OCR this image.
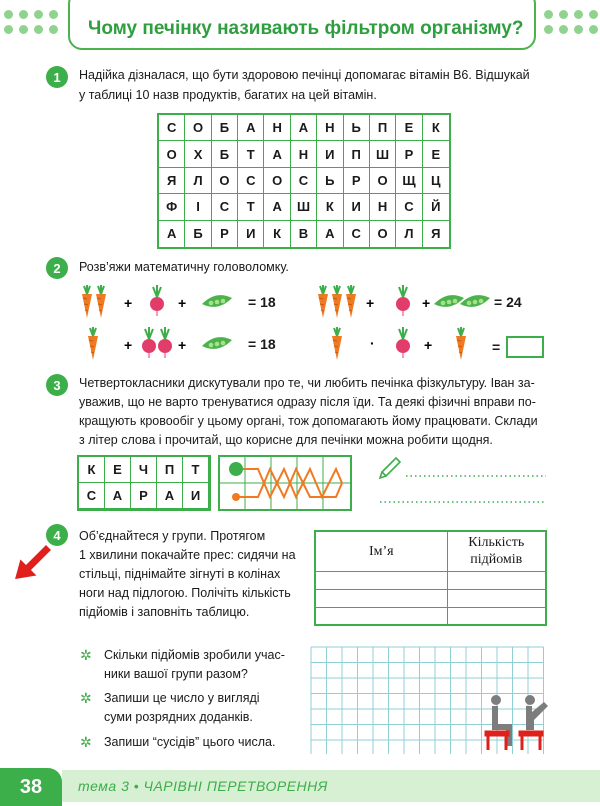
Чому печінку називають фільтром організму?
1	Надійка дізналася, що бути здоровою печінці допомагає вітамін В6. Відшукай
у таблиці 10 назв продуктів, багатих на цей вітамін.
С	О	Б	А	Н	А	Н	Ь	П	Е	К
О	Х	Б	Т	А	Н	И	П	Ш	Р	Е
Я	Л	О	С	О	С	Ь	Р	О	Щ	Ц
Ф	І	С	Т	А	Ш	К	И	Н	С	Й
А	Б	Р	И	К	В	А	С	О	Л	Я
2	Розв’яжи математичну головоломку.
+	+	+	+
+	+	·	+
= 18	= 24
= 18	=
3	Четвертокласники дискутували про те, чи любить печінка фізкультуру. Іван за-
уважив, що не варто тренуватися одразу після їди. Та деякі фізичні вправи по-
кращують кровообіг у цьому органі, тож допомагають йому працювати. Склади
з літер слова і прочитай, що корисне для печінки можна робити щодня.
К	Е	Ч	П	Т
С	А	Р	А	И
4	Об’єднайтеся у групи. Протягом
1 хвилини покачайте прес: сидячи на
стільці, піднімайте зігнуті в колінах
ноги над підлогою. Полічіть кількість
підйомів і заповніть таблицю.
Ім’я	Кількість
підйомів

✲ Скільки підйомів зробили учас-
ники вашої групи разом?
✲ Запиши це число у вигляді
суми розрядних доданків.
✲ Запиши “сусідів” цього числа.
38	тема 3 • ЧАРІВНІ ПЕРЕТВОРЕННЯ
